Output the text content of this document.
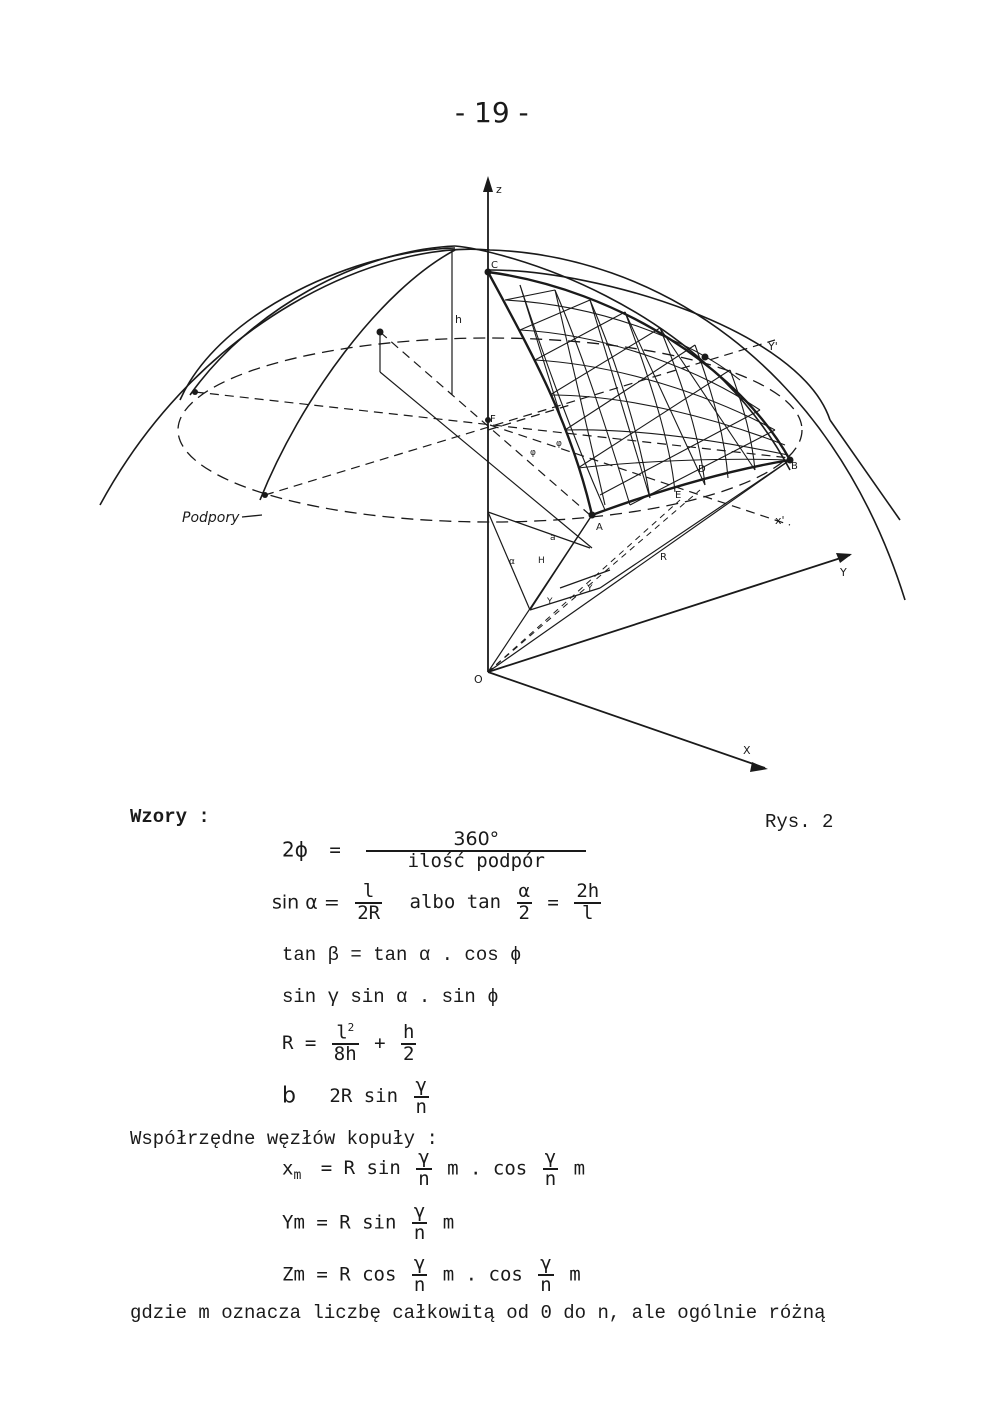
- 19 -
z
Y
X
Y'
x'
C
B
A
O
F
D
E
h
R
a
α	H
Y
Y
φ
φ
Podpory
Wzory :	Rys. 2
$2\phi = \frac{360^\circ}{\text{ilość podpór}}$
$\sin \alpha = \frac{l}{2R}$ albo $\tan \frac{\alpha}{2} = \frac{2h}{l}$
tan β = tan α . cos ϕ
sin γ sin α . sin ϕ
$R = \frac{l^2}{8h} + \frac{h}{2}$
b 2R $\sin \frac{\gamma}{n}$
Współrzędne węzłów kopuły :
$x_m = R$ $\sin \frac{\gamma}{n}$ m . $\cos \frac{\gamma}{n}$ m
Ym = R $\sin \frac{\gamma}{n}$ m
Zm = R $\cos \frac{\gamma}{n}$ m . $\cos \frac{\gamma}{n}$ m
gdzie m oznacza liczbę całkowitą od 0 do n, ale ogólnie różną
